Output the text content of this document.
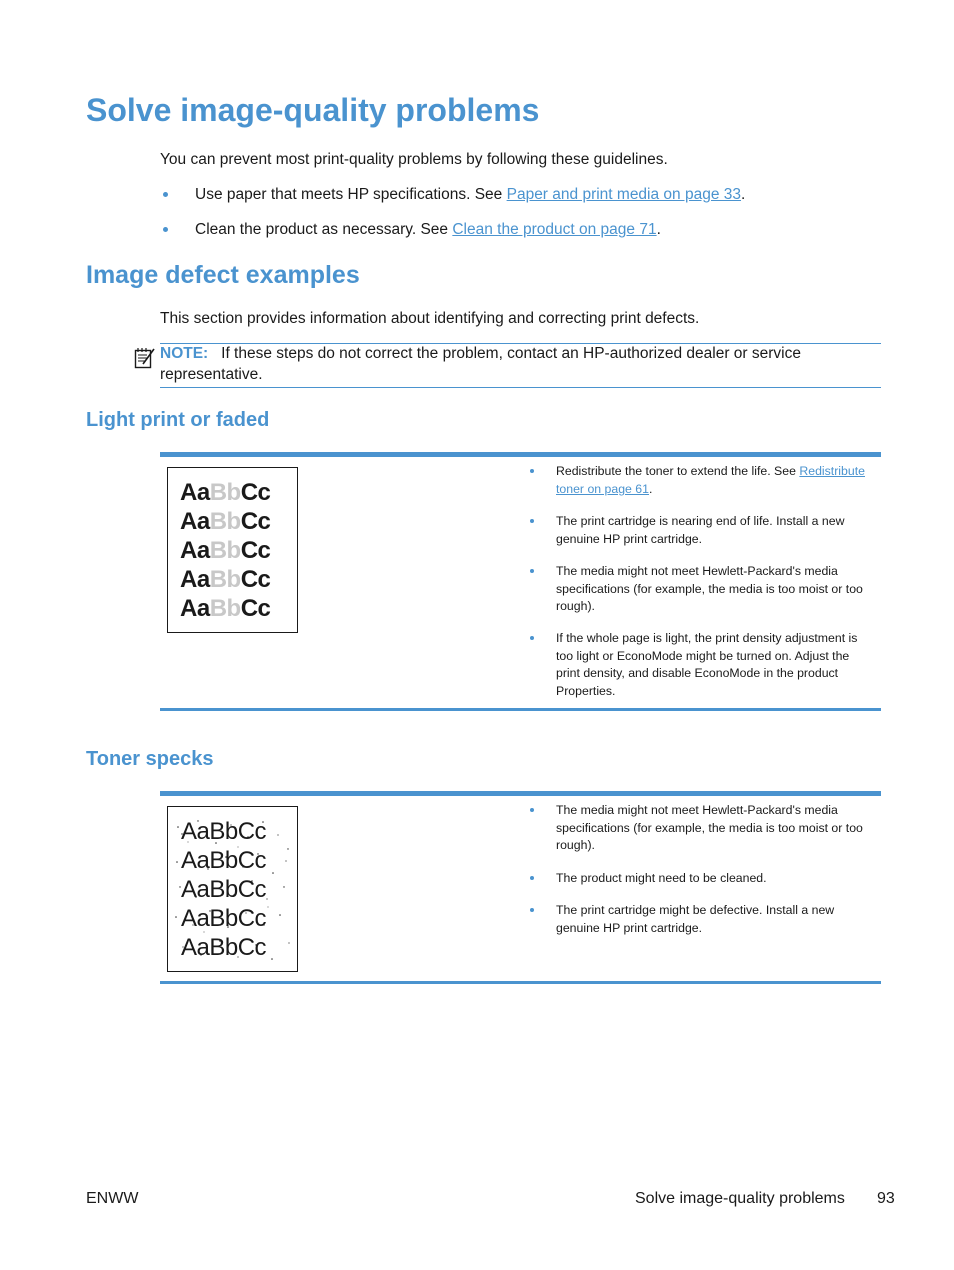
Solve image-quality problems
You can prevent most print-quality problems by following these guidelines.
Use paper that meets HP specifications. See Paper and print media on page 33.
Clean the product as necessary. See Clean the product on page 71.
Image defect examples
This section provides information about identifying and correcting print defects.
NOTE: If these steps do not correct the problem, contact an HP-authorized dealer or service
representative.
Light print or faded
AaBbCc
AaBbCc
AaBbCc
AaBbCc
AaBbCc
Redistribute the toner to extend the life. See Redistribute toner on page 61.
The print cartridge is nearing end of life. Install a new genuine HP print cartridge.
The media might not meet Hewlett-Packard's media specifications (for example, the media is too moist or too rough).
If the whole page is light, the print density adjustment is too light or EconoMode might be turned on. Adjust the print density, and disable EconoMode in the product Properties.
Toner specks
AaBbCc
AaBbCc
AaBbCc
AaBbCc
AaBbCc
The media might not meet Hewlett-Packard's media specifications (for example, the media is too moist or too rough).
The product might need to be cleaned.
The print cartridge might be defective. Install a new genuine HP print cartridge.
ENWW	Solve image-quality problems 93
